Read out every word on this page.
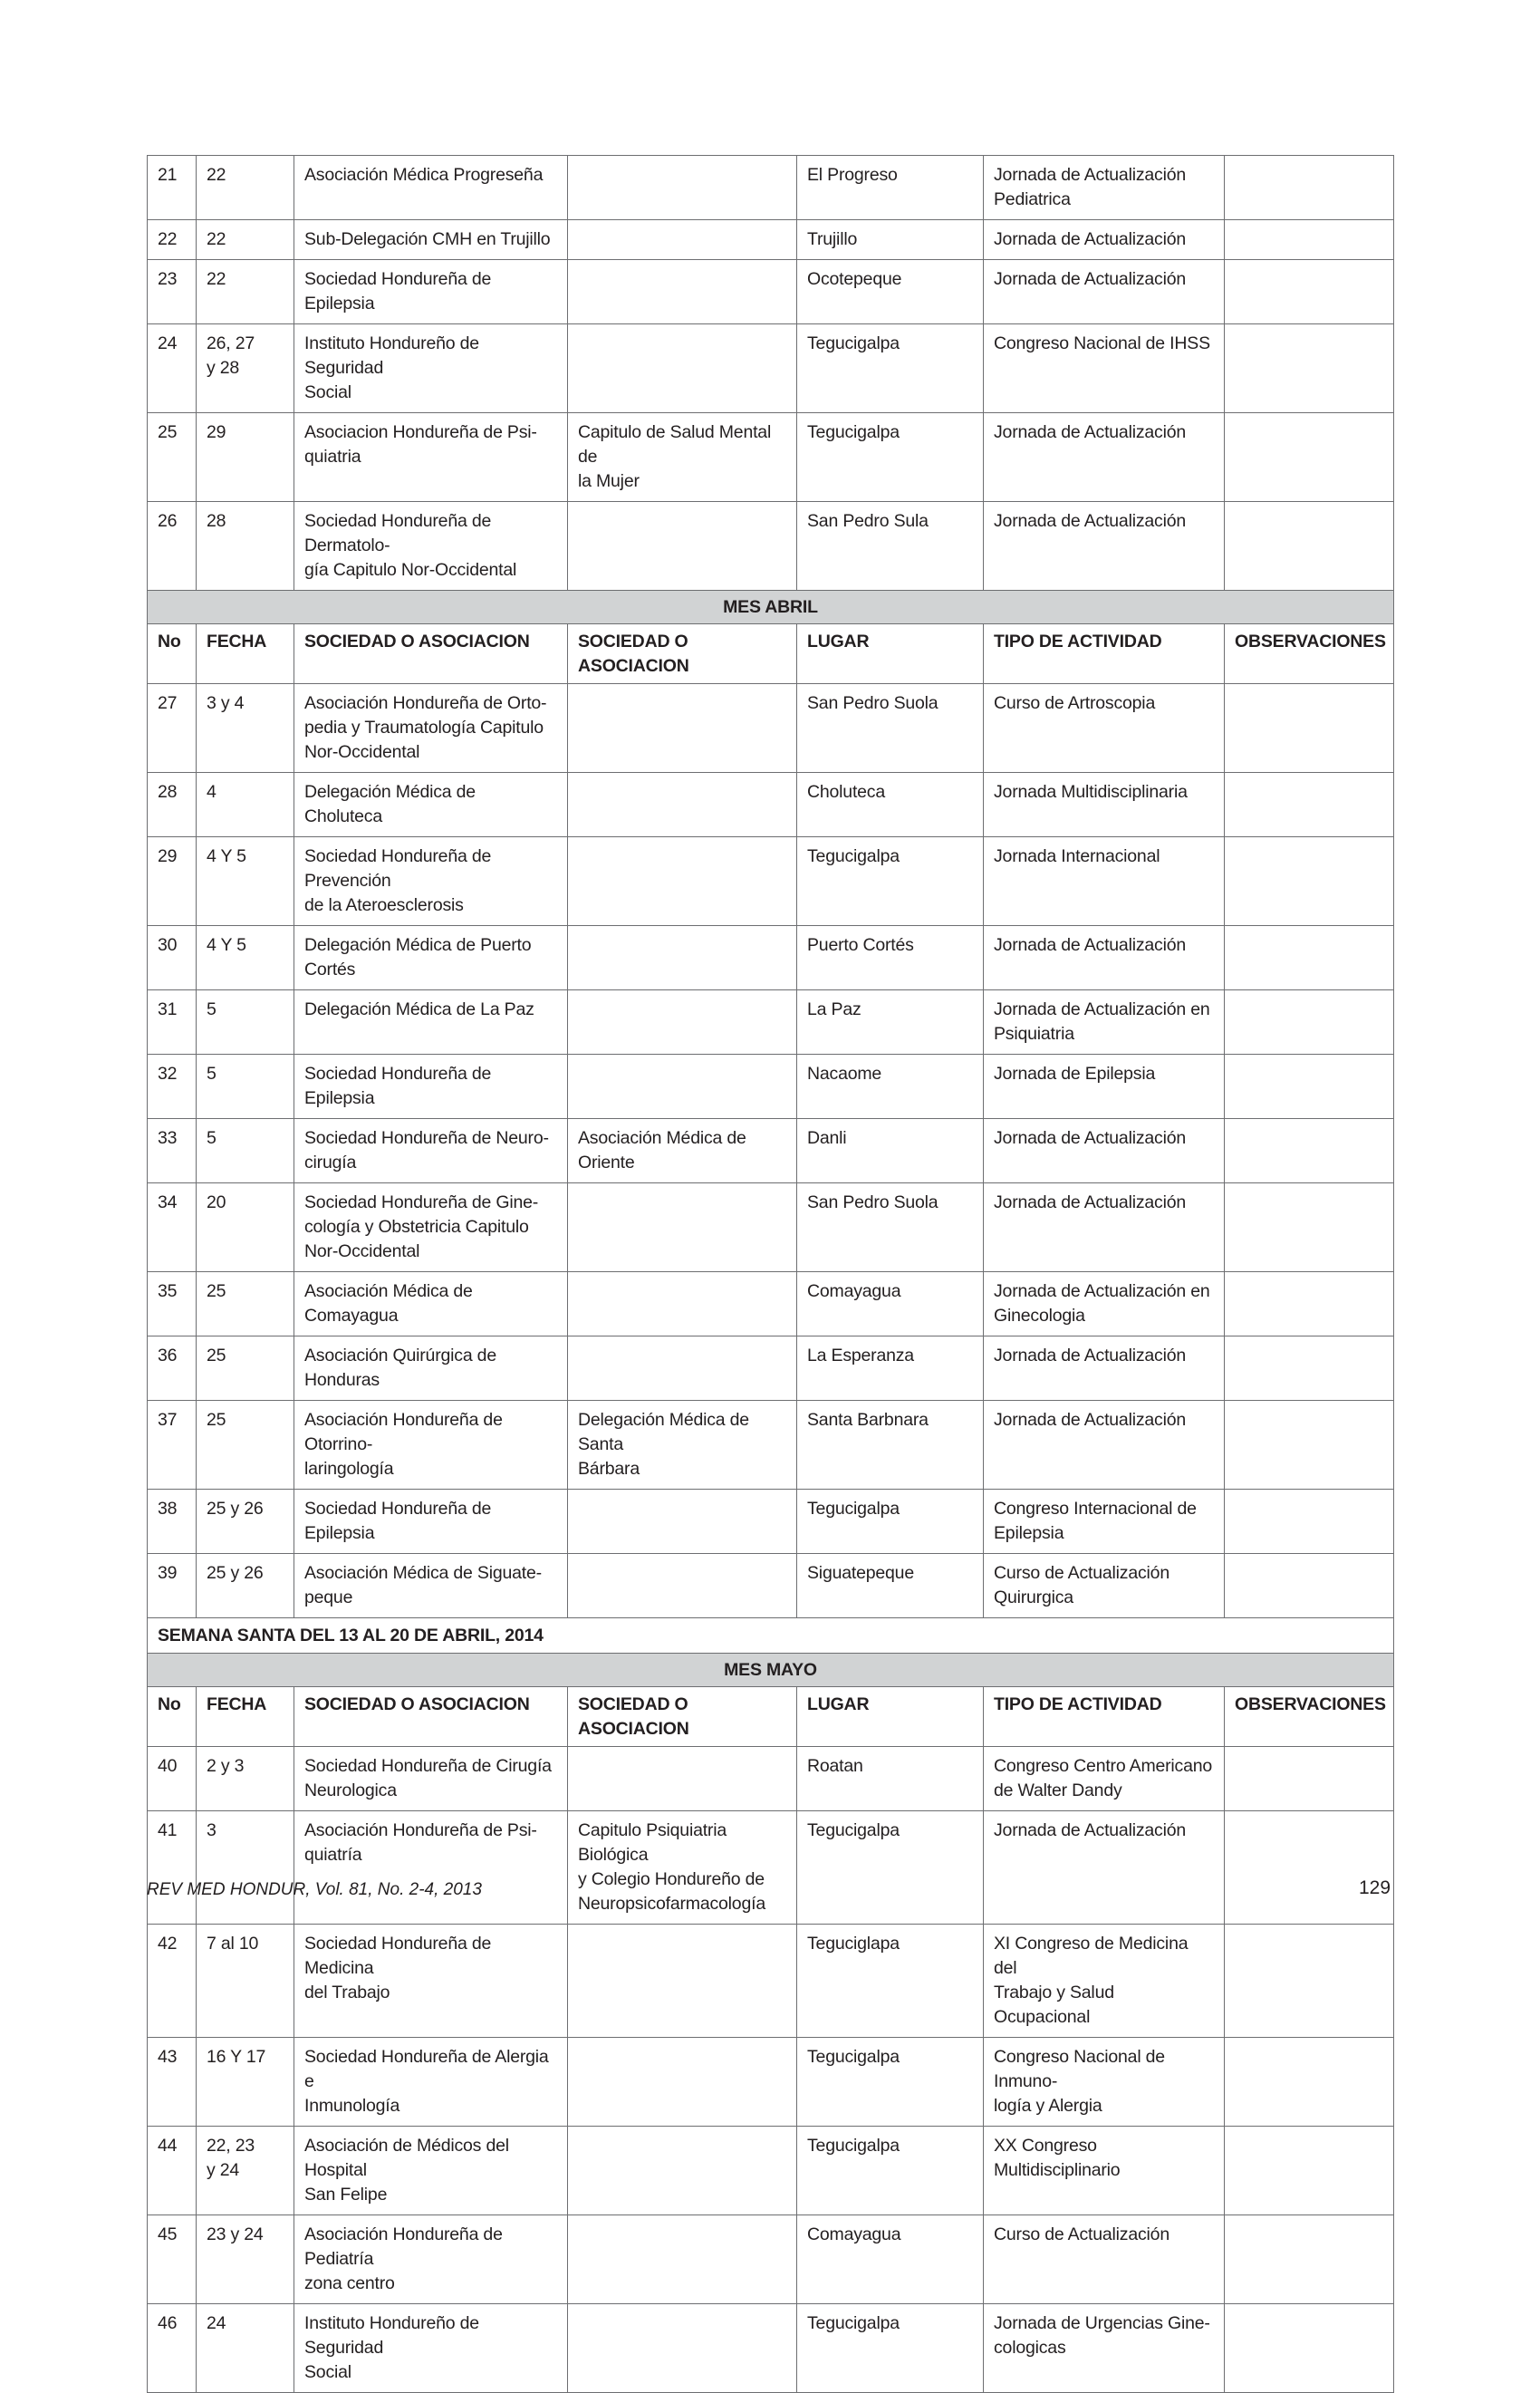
21	22	Asociación Médica Progreseña		El Progreso	Jornada de Actualización
Pediatrica	
22	22	Sub-Delegación CMH en Trujillo		Trujillo	Jornada de Actualización	
23	22	Sociedad Hondureña de Epilepsia		Ocotepeque	Jornada de Actualización	
24	26, 27
y 28	Instituto Hondureño de Seguridad
Social		Tegucigalpa	Congreso Nacional de IHSS	
25	29	Asociacion Hondureña de Psi-
quiatria	Capitulo de Salud Mental de
la Mujer	Tegucigalpa	Jornada de Actualización	
26	28	Sociedad Hondureña de Dermatolo-
gía Capitulo Nor-Occidental		San Pedro Sula	Jornada de Actualización	
MES ABRIL						
No	FECHA	SOCIEDAD O ASOCIACION	SOCIEDAD O ASOCIACION	LUGAR	TIPO DE ACTIVIDAD	OBSERVACIONES
27	3 y 4	Asociación Hondureña de Orto-
pedia y Traumatología Capitulo
Nor-Occidental		San Pedro Suola	Curso de Artroscopia	
28	4	Delegación Médica de Choluteca		Choluteca	Jornada Multidisciplinaria	
29	4 Y 5	Sociedad Hondureña de Prevención
de la Ateroesclerosis		Tegucigalpa	Jornada Internacional	
30	4 Y 5	Delegación Médica de Puerto
Cortés		Puerto Cortés	Jornada de Actualización	
31	5	Delegación Médica de La Paz		La Paz	Jornada de Actualización en
Psiquiatria	
32	5	Sociedad Hondureña de Epilepsia		Nacaome	Jornada de Epilepsia	
33	5	Sociedad Hondureña de Neuro-
cirugía	Asociación Médica de
Oriente	Danli	Jornada de Actualización	
34	20	Sociedad Hondureña de Gine-
cología y Obstetricia Capitulo
Nor-Occidental		San Pedro Suola	Jornada de Actualización	
35	25	Asociación Médica de Comayagua		Comayagua	Jornada de Actualización en
Ginecologia	
36	25	Asociación Quirúrgica de Honduras		La Esperanza	Jornada de Actualización	
37	25	Asociación Hondureña de Otorrino-
laringología	Delegación Médica de Santa
Bárbara	Santa Barbnara	Jornada de Actualización	
38	25 y 26	Sociedad Hondureña de Epilepsia		Tegucigalpa	Congreso Internacional de
Epilepsia	
39	25 y 26	Asociación Médica de Siguate-
peque		Siguatepeque	Curso de Actualización
Quirurgica	
SEMANA SANTA DEL 13 AL 20 DE ABRIL, 2014						
MES MAYO						
No	FECHA	SOCIEDAD O ASOCIACION	SOCIEDAD O ASOCIACION	LUGAR	TIPO DE ACTIVIDAD	OBSERVACIONES
40	2 y 3	Sociedad Hondureña de Cirugía
Neurologica		Roatan	Congreso Centro Americano
de Walter Dandy	
41	3	Asociación Hondureña de Psi-
quiatría	Capitulo Psiquiatria Biológica
y Colegio Hondureño de
Neuropsicofarmacología	Tegucigalpa	Jornada de Actualización	
42	7 al 10	Sociedad Hondureña de Medicina
del Trabajo		Teguciglapa	XI Congreso de Medicina del
Trabajo y Salud Ocupacional	
43	16 Y 17	Sociedad Hondureña de Alergia e
Inmunología		Tegucigalpa	Congreso Nacional de Inmuno-
logía y Alergia	
44	22, 23
y 24	Asociación de Médicos del Hospital
San Felipe		Tegucigalpa	XX Congreso Multidisciplinario	
45	23 y 24	Asociación Hondureña de Pediatría
zona centro		Comayagua	Curso de Actualización	
46	24	Instituto Hondureño de Seguridad
Social		Tegucigalpa	Jornada de Urgencias Gine-
cologicas	
REV MED HONDUR, Vol. 81, No. 2-4, 2013	129
